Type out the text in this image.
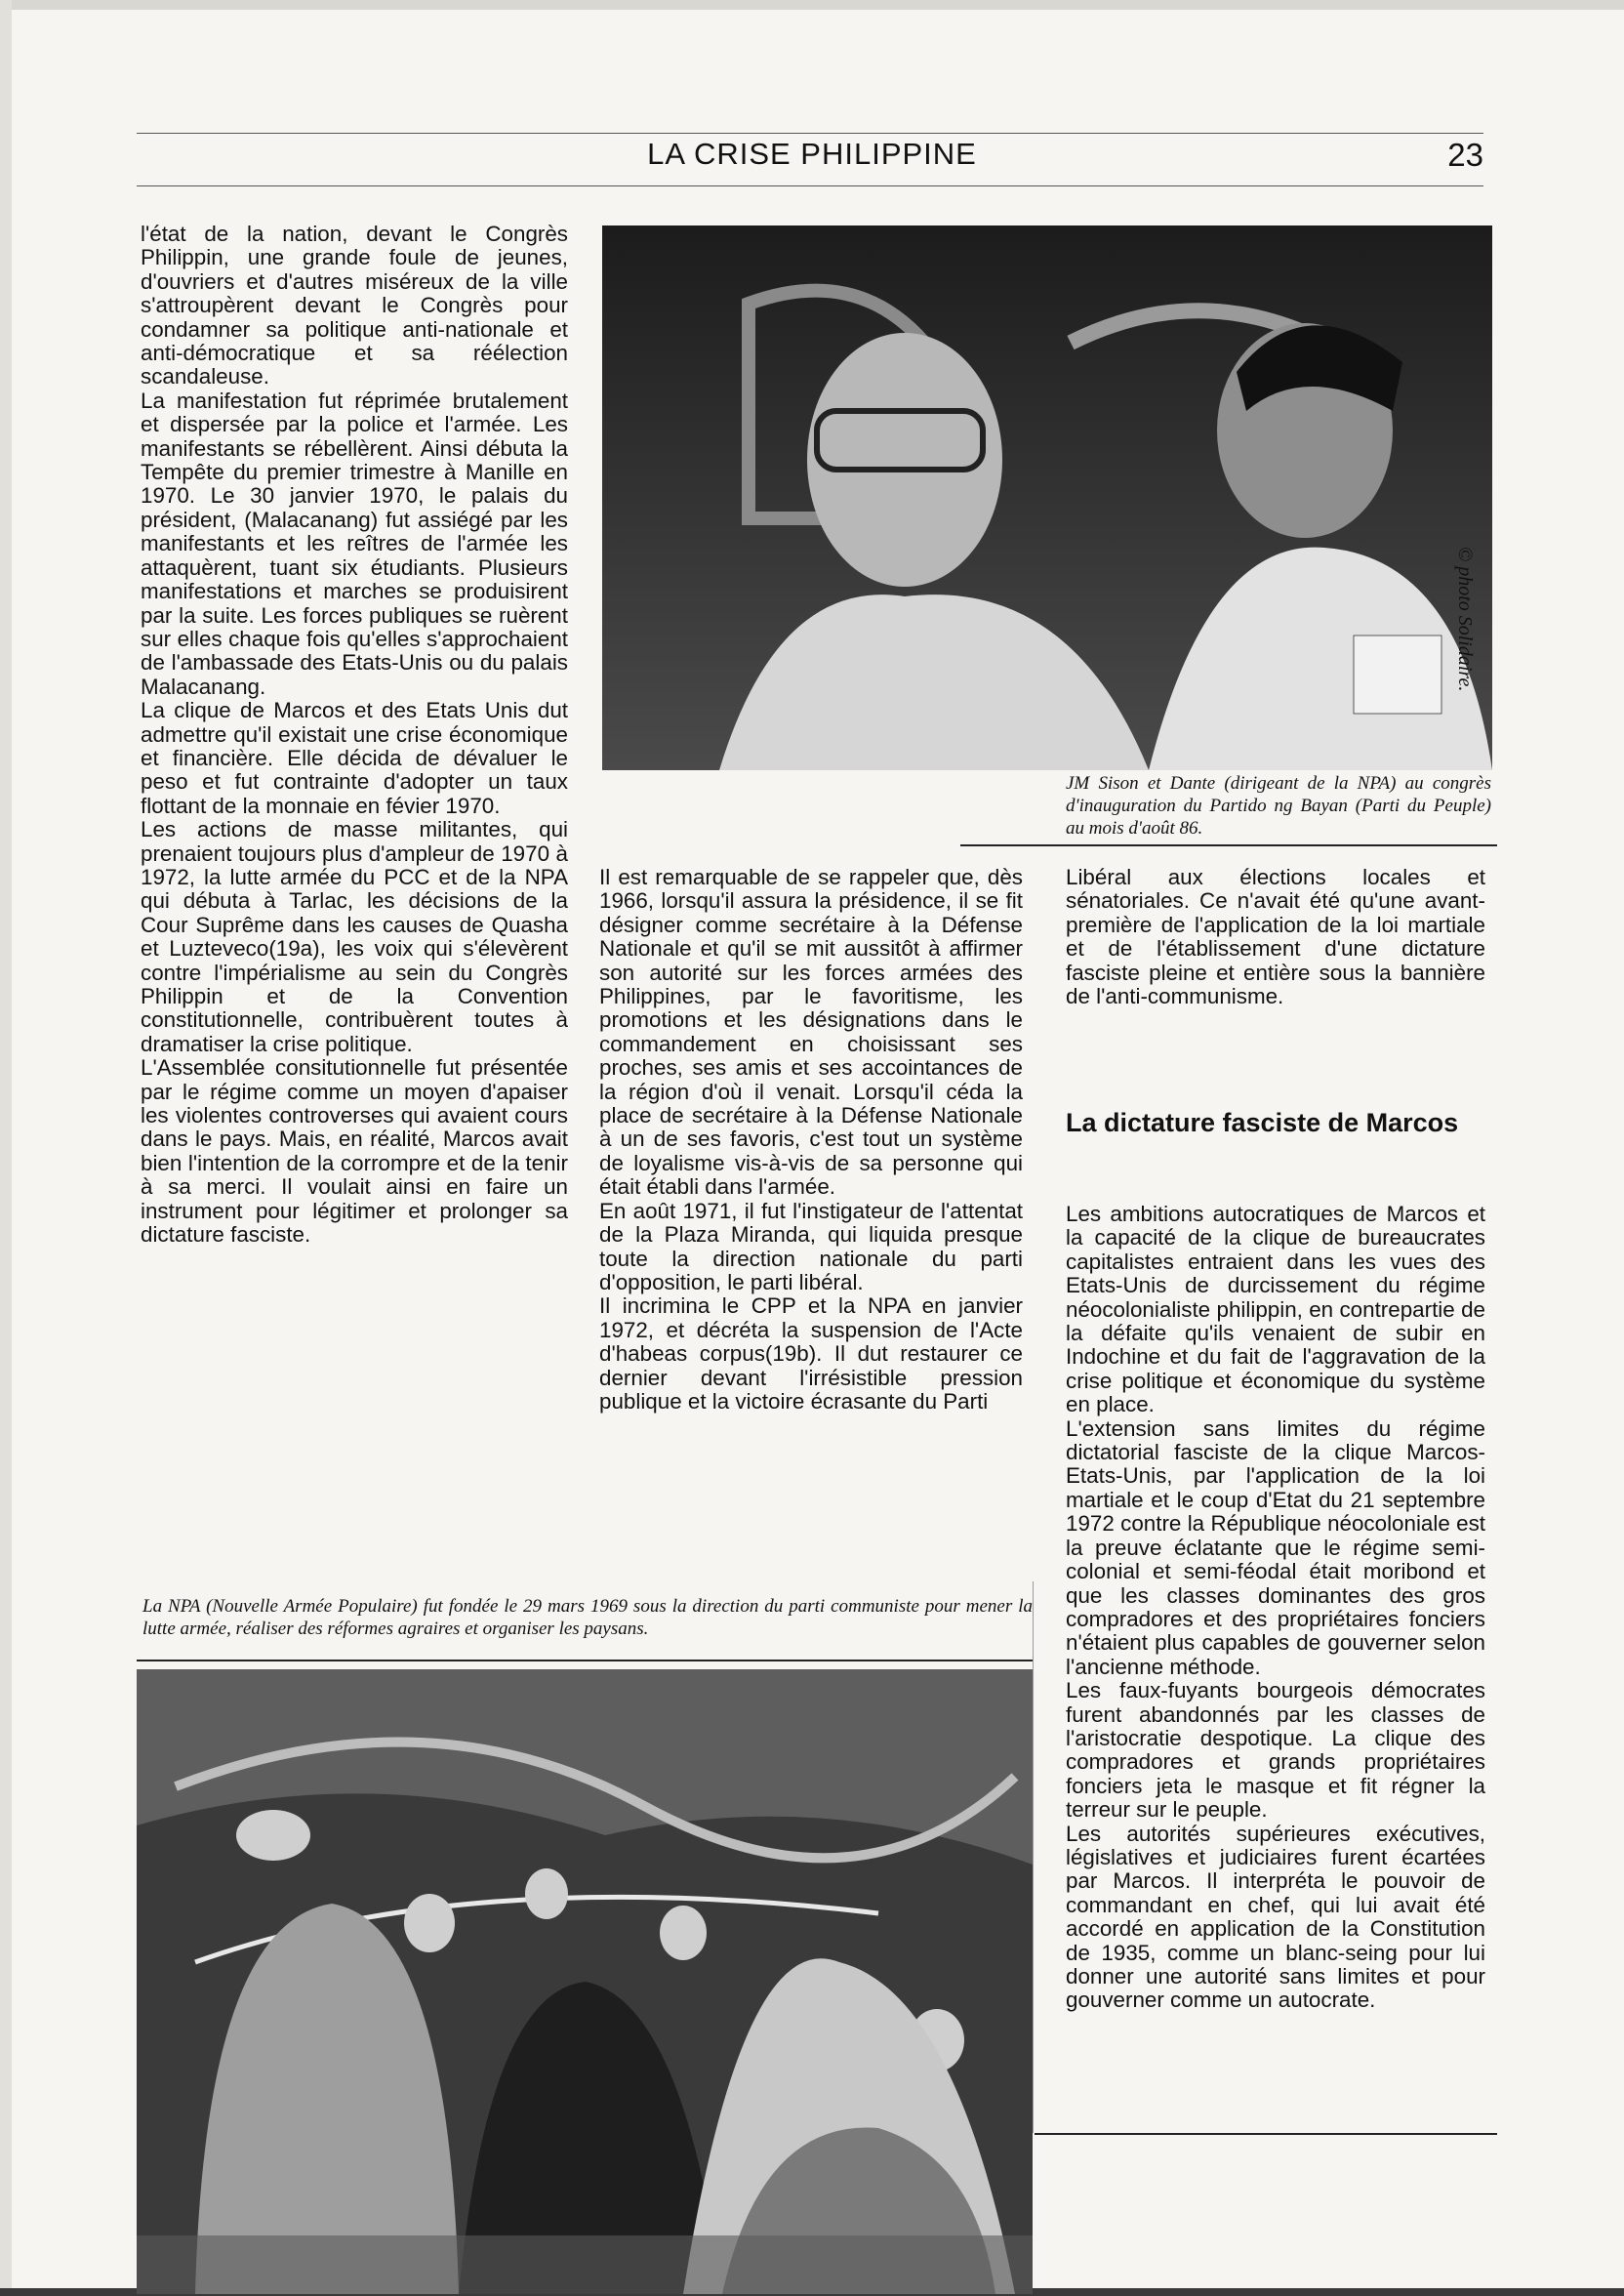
LA CRISE PHILIPPINE	23

l'état de la nation, devant le Congrès Philippin, une grande foule de jeunes, d'ouvriers et d'autres miséreux de la ville s'attroupèrent devant le Congrès pour condamner sa politique anti-nationale et anti-démocratique et sa réélection scandaleuse.

La manifestation fut réprimée brutalement et dispersée par la police et l'armée. Les manifestants se rébellèrent. Ainsi débuta la Tempête du premier trimestre à Manille en 1970. Le 30 janvier 1970, le palais du président, (Malacanang) fut assiégé par les manifestants et les reîtres de l'armée les attaquèrent, tuant six étudiants. Plusieurs manifestations et marches se produisirent par la suite. Les forces publiques se ruèrent sur elles chaque fois qu'elles s'approchaient de l'ambassade des Etats-Unis ou du palais Malacanang.

La clique de Marcos et des Etats Unis dut admettre qu'il existait une crise économique et financière. Elle décida de dévaluer le peso et fut contrainte d'adopter un taux flottant de la monnaie en févier 1970.

Les actions de masse militantes, qui prenaient toujours plus d'ampleur de 1970 à 1972, la lutte armée du PCC et de la NPA qui débuta à Tarlac, les décisions de la Cour Suprême dans les causes de Quasha et Luzteveco(19a), les voix qui s'élevèrent contre l'impérialisme au sein du Congrès Philippin et de la Convention constitutionnelle, contribuèrent toutes à dramatiser la crise politique.

L'Assemblée consitutionnelle fut présentée par le régime comme un moyen d'apaiser les violentes controverses qui avaient cours dans le pays. Mais, en réalité, Marcos avait bien l'intention de la corrompre et de la tenir à sa merci. Il voulait ainsi en faire un instrument pour légitimer et prolonger sa dictature fasciste.

© photo Solidaire.
JM Sison et Dante (dirigeant de la NPA) au congrès d'inauguration du Partido ng Bayan (Parti du Peuple) au mois d'août 86.

Il est remarquable de se rappeler que, dès 1966, lorsqu'il assura la présidence, il se fit désigner comme secrétaire à la Défense Nationale et qu'il se mit aussitôt à affirmer son autorité sur les forces armées des Philippines, par le favoritisme, les promotions et les désignations dans le commandement en choisissant ses proches, ses amis et ses accointances de la région d'où il venait. Lorsqu'il céda la place de secrétaire à la Défense Nationale à un de ses favoris, c'est tout un système de loyalisme vis-à-vis de sa personne qui était établi dans l'armée.

En août 1971, il fut l'instigateur de l'attentat de la Plaza Miranda, qui liquida presque toute la direction nationale du parti d'opposition, le parti libéral.

Il incrimina le CPP et la NPA en janvier 1972, et décréta la suspension de l'Acte d'habeas corpus(19b). Il dut restaurer ce dernier devant l'irrésistible pression publique et la victoire écrasante du Parti

Libéral aux élections locales et sénatoriales. Ce n'avait été qu'une avant-première de l'application de la loi martiale et de l'établissement d'une dictature fasciste pleine et entière sous la bannière de l'anti-communisme.

La dictature fasciste de Marcos

Les ambitions autocratiques de Marcos et la capacité de la clique de bureaucrates capitalistes entraient dans les vues des Etats-Unis de durcissement du régime néocolonialiste philippin, en contrepartie de la défaite qu'ils venaient de subir en Indochine et du fait de l'aggravation de la crise politique et économique du système en place.

L'extension sans limites du régime dictatorial fasciste de la clique Marcos-Etats-Unis, par l'application de la loi martiale et le coup d'Etat du 21 septembre 1972 contre la République néocoloniale est la preuve éclatante que le régime semi-colonial et semi-féodal était moribond et que les classes dominantes des gros compradores et des propriétaires fonciers n'étaient plus capables de gouverner selon l'ancienne méthode.

Les faux-fuyants bourgeois démocrates furent abandonnés par les classes de l'aristocratie despotique. La clique des compradores et grands propriétaires fonciers jeta le masque et fit régner la terreur sur le peuple.

Les autorités supérieures exécutives, législatives et judiciaires furent écartées par Marcos. Il interpréta le pouvoir de commandant en chef, qui lui avait été accordé en application de la Constitution de 1935, comme un blanc-seing pour lui donner une autorité sans limites et pour gouverner comme un autocrate.

La NPA (Nouvelle Armée Populaire) fut fondée le 29 mars 1969 sous la direction du parti communiste pour mener la lutte armée, réaliser des réformes agraires et organiser les paysans.
